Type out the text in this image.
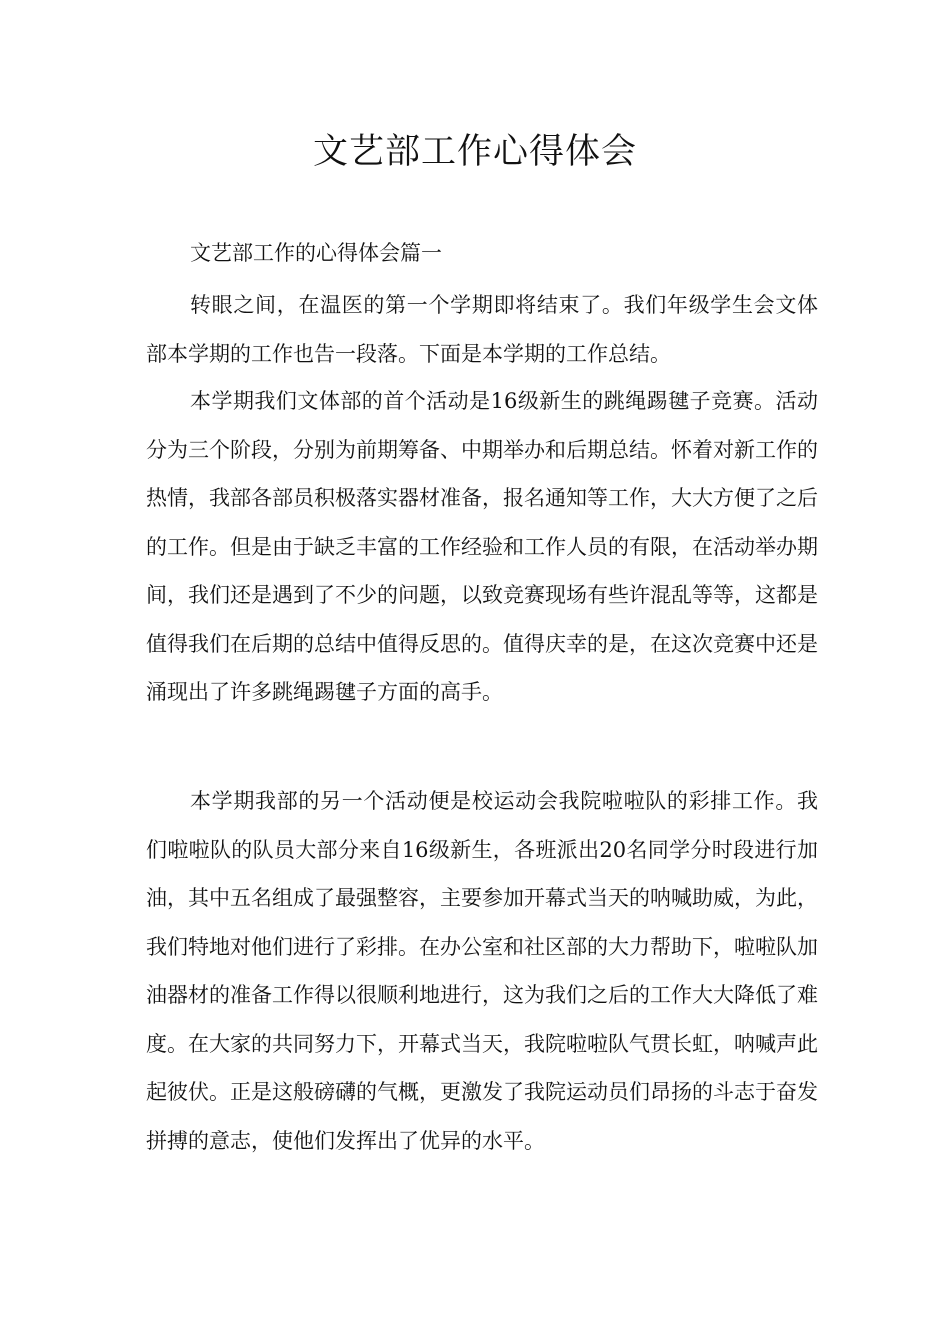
文艺部工作心得体会
文艺部工作的心得体会篇一

转眼之间，在温医的第一个学期即将结束了。我们年级学生会文体部本学期的工作也告一段落。下面是本学期的工作总结。

本学期我们文体部的首个活动是16级新生的跳绳踢毽子竞赛。活动分为三个阶段，分别为前期筹备、中期举办和后期总结。怀着对新工作的热情，我部各部员积极落实器材准备，报名通知等工作，大大方便了之后的工作。但是由于缺乏丰富的工作经验和工作人员的有限，在活动举办期间，我们还是遇到了不少的问题，以致竞赛现场有些许混乱等等，这都是值得我们在后期的总结中值得反思的。值得庆幸的是，在这次竞赛中还是涌现出了许多跳绳踢毽子方面的高手。

本学期我部的另一个活动便是校运动会我院啦啦队的彩排工作。我们啦啦队的队员大部分来自16级新生，各班派出20名同学分时段进行加油，其中五名组成了最强整容，主要参加开幕式当天的呐喊助威，为此，我们特地对他们进行了彩排。在办公室和社区部的大力帮助下，啦啦队加油器材的准备工作得以很顺利地进行，这为我们之后的工作大大降低了难度。在大家的共同努力下，开幕式当天，我院啦啦队气贯长虹，呐喊声此起彼伏。正是这般磅礴的气概，更激发了我院运动员们昂扬的斗志于奋发拼搏的意志，使他们发挥出了优异的水平。
